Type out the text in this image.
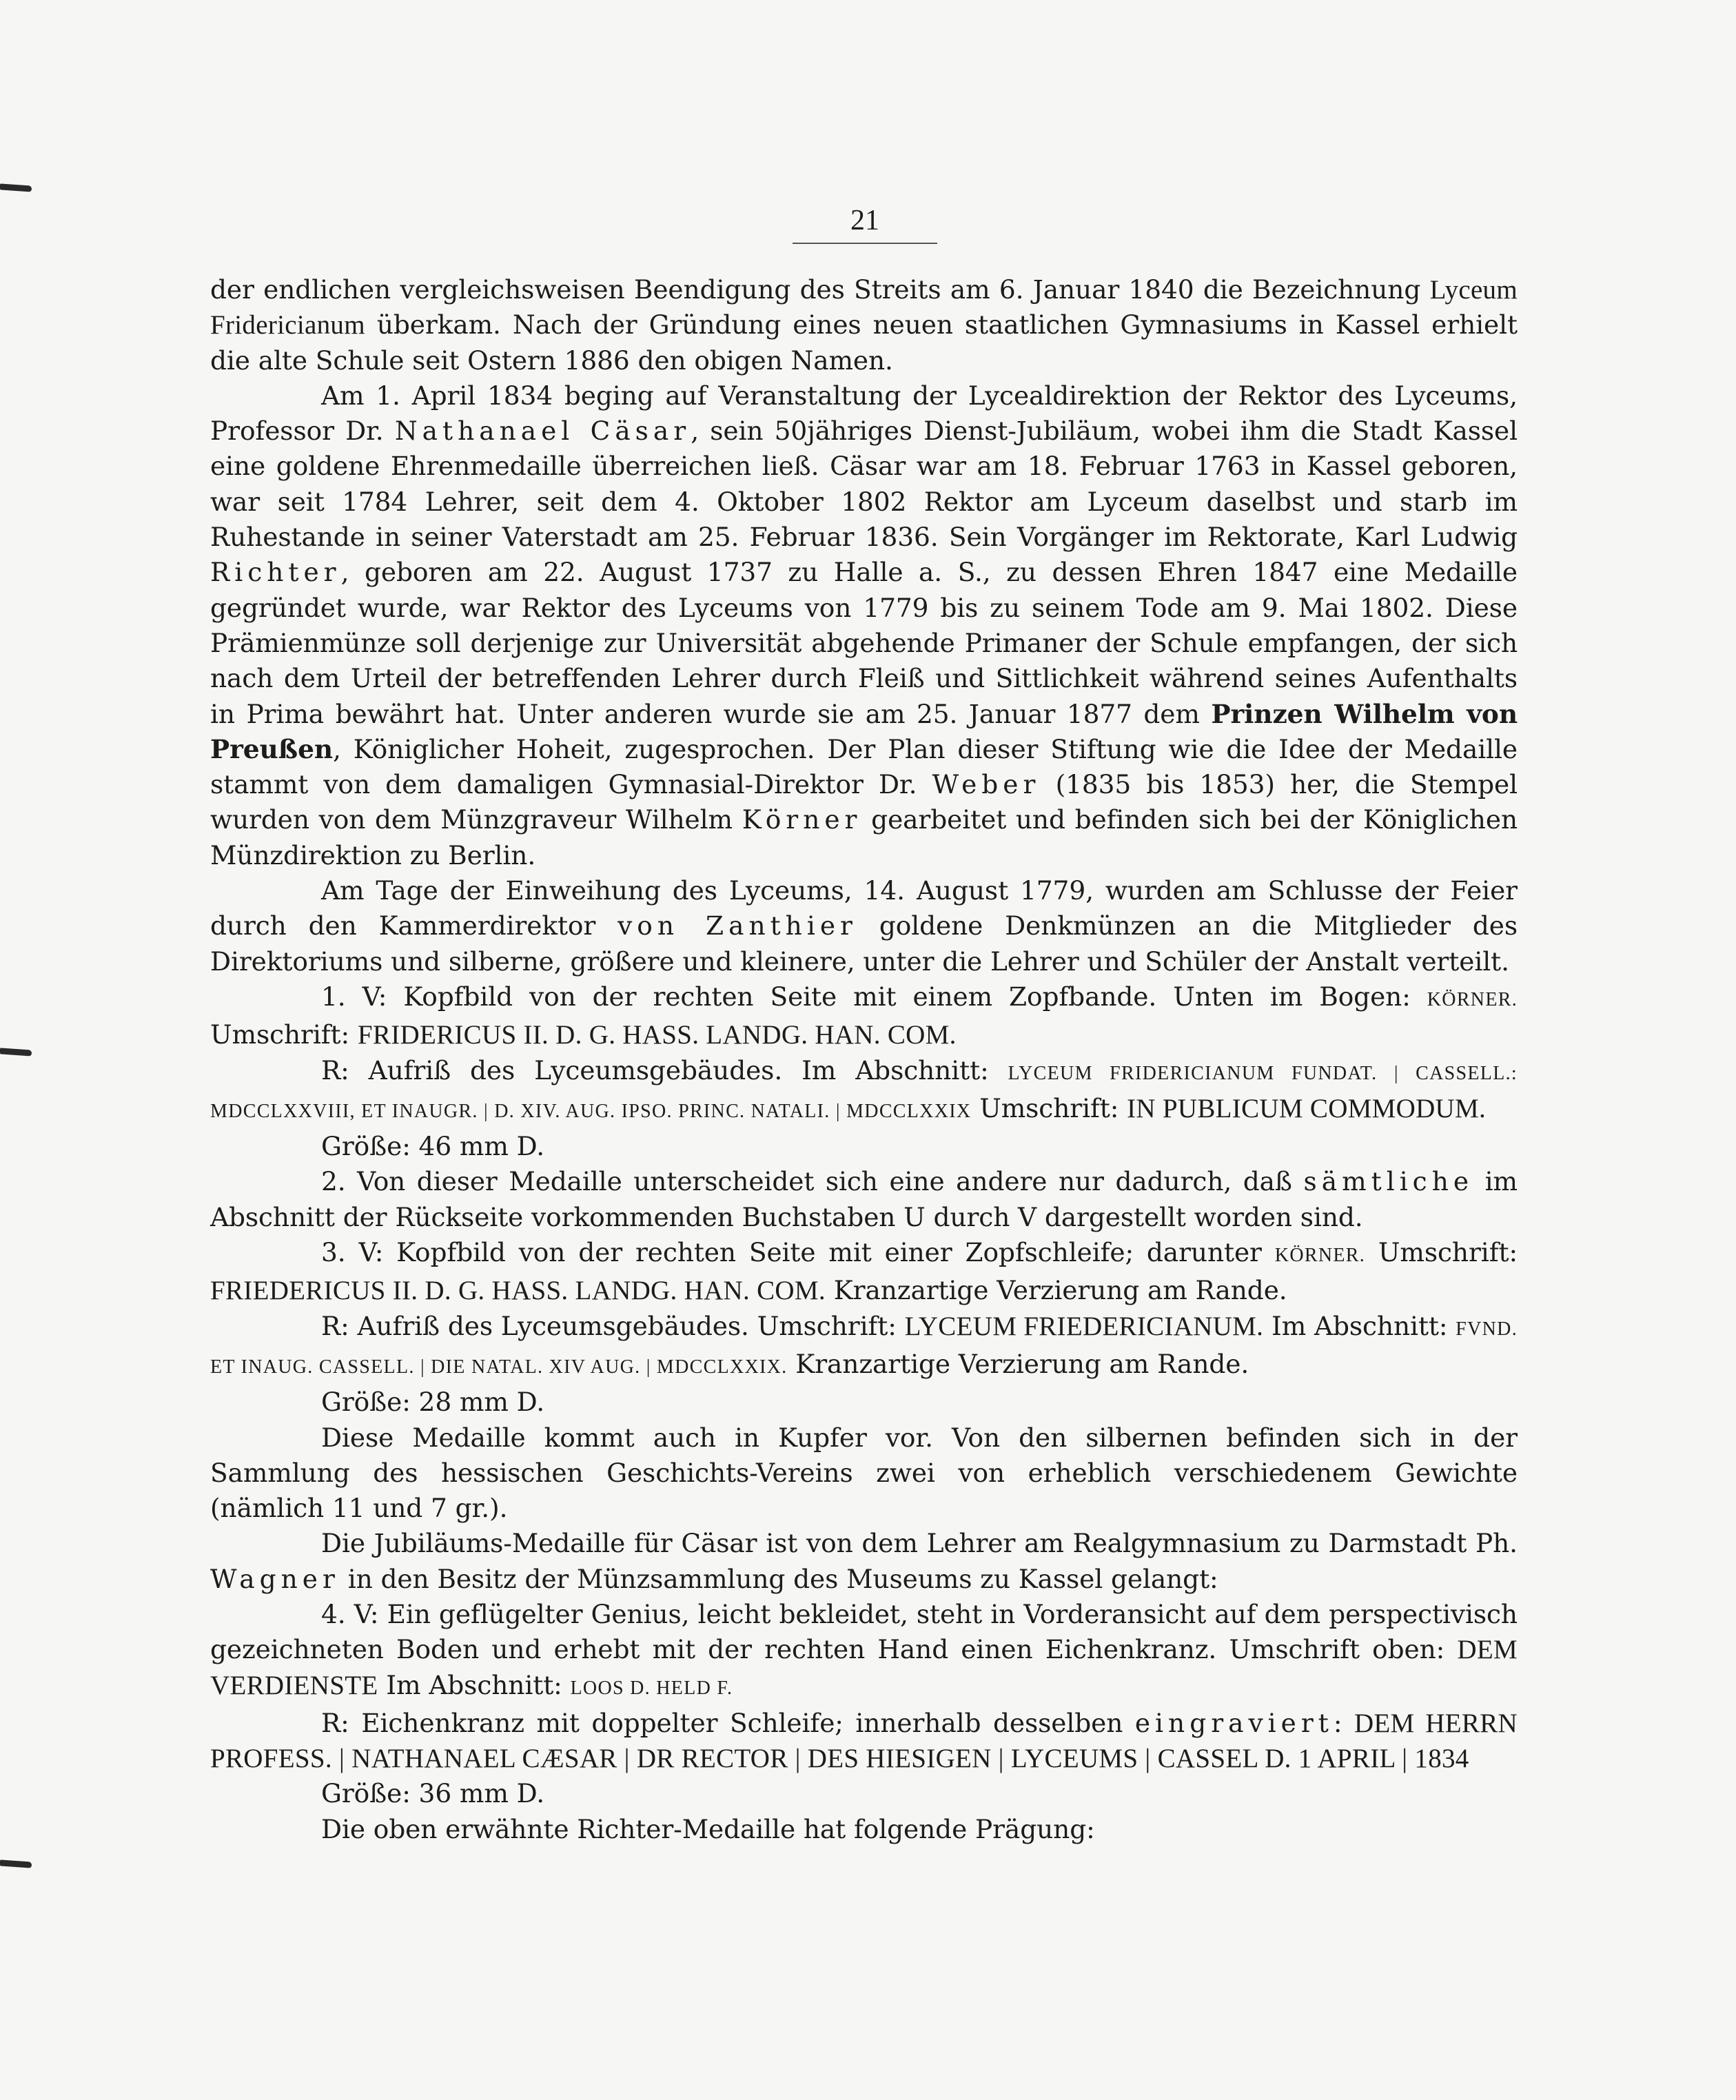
21

der endlichen vergleichsweisen Beendigung des Streits am 6. Januar 1840 die Bezeichnung Lyceum Fridericianum überkam. Nach der Gründung eines neuen staatlichen Gymnasiums in Kassel erhielt die alte Schule seit Ostern 1886 den obigen Namen.

Am 1. April 1834 beging auf Veranstaltung der Lycealdirektion der Rektor des Lyceums, Professor Dr. Nathanael Cäsar, sein 50jähriges Dienst-Jubiläum, wobei ihm die Stadt Kassel eine goldene Ehrenmedaille überreichen ließ. Cäsar war am 18. Februar 1763 in Kassel geboren, war seit 1784 Lehrer, seit dem 4. Oktober 1802 Rektor am Lyceum daselbst und starb im Ruhestande in seiner Vaterstadt am 25. Februar 1836. Sein Vorgänger im Rektorate, Karl Ludwig Richter, geboren am 22. August 1737 zu Halle a. S., zu dessen Ehren 1847 eine Medaille gegründet wurde, war Rektor des Lyceums von 1779 bis zu seinem Tode am 9. Mai 1802. Diese Prämienmünze soll derjenige zur Universität abgehende Primaner der Schule empfangen, der sich nach dem Urteil der betreffenden Lehrer durch Fleiß und Sittlichkeit während seines Aufenthalts in Prima bewährt hat. Unter anderen wurde sie am 25. Januar 1877 dem Prinzen Wilhelm von Preußen, Königlicher Hoheit, zugesprochen. Der Plan dieser Stiftung wie die Idee der Medaille stammt von dem damaligen Gymnasial-Direktor Dr. Weber (1835 bis 1853) her, die Stempel wurden von dem Münzgraveur Wilhelm Körner gearbeitet und befinden sich bei der Königlichen Münzdirektion zu Berlin.

Am Tage der Einweihung des Lyceums, 14. August 1779, wurden am Schlusse der Feier durch den Kammerdirektor von Zanthier goldene Denkmünzen an die Mitglieder des Direktoriums und silberne, größere und kleinere, unter die Lehrer und Schüler der Anstalt verteilt.

1. V: Kopfbild von der rechten Seite mit einem Zopfbande. Unten im Bogen: KÖRNER. Umschrift: FRIDERICUS II. D. G. HASS. LANDG. HAN. COM.

R: Aufriß des Lyceumsgebäudes. Im Abschnitt: LYCEUM FRIDERICIANUM FUNDAT. | CASSELL.: MDCCLXXVIII, ET INAUGR. | D. XIV. AUG. IPSO. PRINC. NATALI. | MDCCLXXIX Umschrift: IN PUBLICUM COMMODUM.

Größe: 46 mm D.

2. Von dieser Medaille unterscheidet sich eine andere nur dadurch, daß sämtliche im Abschnitt der Rückseite vorkommenden Buchstaben U durch V dargestellt worden sind.

3. V: Kopfbild von der rechten Seite mit einer Zopfschleife; darunter KÖRNER. Umschrift: FRIEDERICUS II. D. G. HASS. LANDG. HAN. COM. Kranzartige Verzierung am Rande.

R: Aufriß des Lyceumsgebäudes. Umschrift: LYCEUM FRIEDERICIANUM. Im Abschnitt: FVND. ET INAUG. CASSELL. | DIE NATAL. XIV AUG. | MDCCLXXIX. Kranzartige Verzierung am Rande.

Größe: 28 mm D.

Diese Medaille kommt auch in Kupfer vor. Von den silbernen befinden sich in der Sammlung des hessischen Geschichts-Vereins zwei von erheblich verschiedenem Gewichte (nämlich 11 und 7 gr.).

Die Jubiläums-Medaille für Cäsar ist von dem Lehrer am Realgymnasium zu Darmstadt Ph. Wagner in den Besitz der Münzsammlung des Museums zu Kassel gelangt:

4. V: Ein geflügelter Genius, leicht bekleidet, steht in Vorderansicht auf dem perspectivisch gezeichneten Boden und erhebt mit der rechten Hand einen Eichenkranz. Umschrift oben: DEM VERDIENSTE Im Abschnitt: LOOS D. HELD F.

R: Eichenkranz mit doppelter Schleife; innerhalb desselben eingraviert: DEM HERRN PROFESS. | NATHANAEL CÆSAR | DR RECTOR | DES HIESIGEN | LYCEUMS | CASSEL D. 1 APRIL | 1834

Größe: 36 mm D.

Die oben erwähnte Richter-Medaille hat folgende Prägung:
